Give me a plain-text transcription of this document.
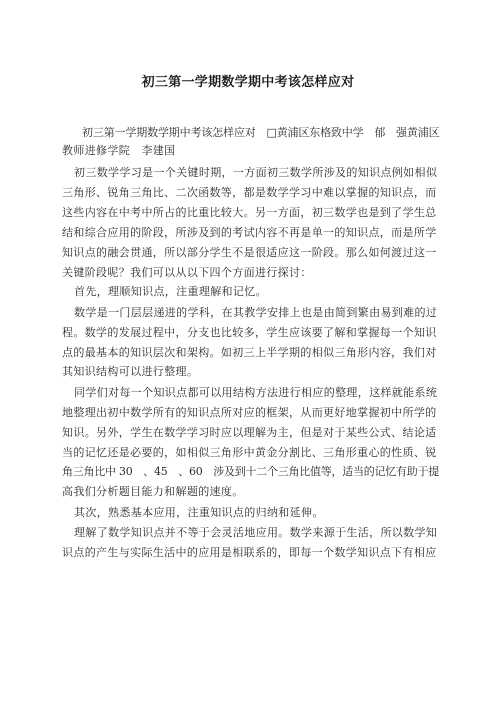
初三第一学期数学期中考该怎样应对
初三第一学期数学期中考该怎样应对　□黄浦区东格致中学　郁　强黄浦区
教师进修学院　李建国
初三数学学习是一个关键时期，一方面初三数学所涉及的知识点例如相似
三角形、锐角三角比、二次函数等，都是数学学习中难以掌握的知识点，而
这些内容在中考中所占的比重比较大。另一方面，初三数学也是到了学生总
结和综合应用的阶段，所涉及到的考试内容不再是单一的知识点，而是所学
知识点的融会贯通，所以部分学生不是很适应这一阶段。那么如何渡过这一
关键阶段呢？我们可以从以下四个方面进行探讨：
首先，理顺知识点，注重理解和记忆。
数学是一门层层递进的学科，在其教学安排上也是由简到繁由易到难的过
程。数学的发展过程中，分支也比较多，学生应该要了解和掌握每一个知识
点的最基本的知识层次和架构。如初三上半学期的相似三角形内容，我们对
其知识结构可以进行整理。
同学们对每一个知识点都可以用结构方法进行相应的整理，这样就能系统
地整理出初中数学所有的知识点所对应的框架，从而更好地掌握初中所学的
知识。另外，学生在数学学习时应以理解为主，但是对于某些公式、结论适
当的记忆还是必要的，如相似三角形中黄金分割比、三角形重心的性质、锐
角三角比中 30　、45　、60　涉及到十二个三角比值等，适当的记忆有助于提
高我们分析题目能力和解题的速度。
其次，熟悉基本应用，注重知识点的归纳和延伸。
理解了数学知识点并不等于会灵活地应用。数学来源于生活，所以数学知
识点的产生与实际生活中的应用是相联系的，即每一个数学知识点下有相应
